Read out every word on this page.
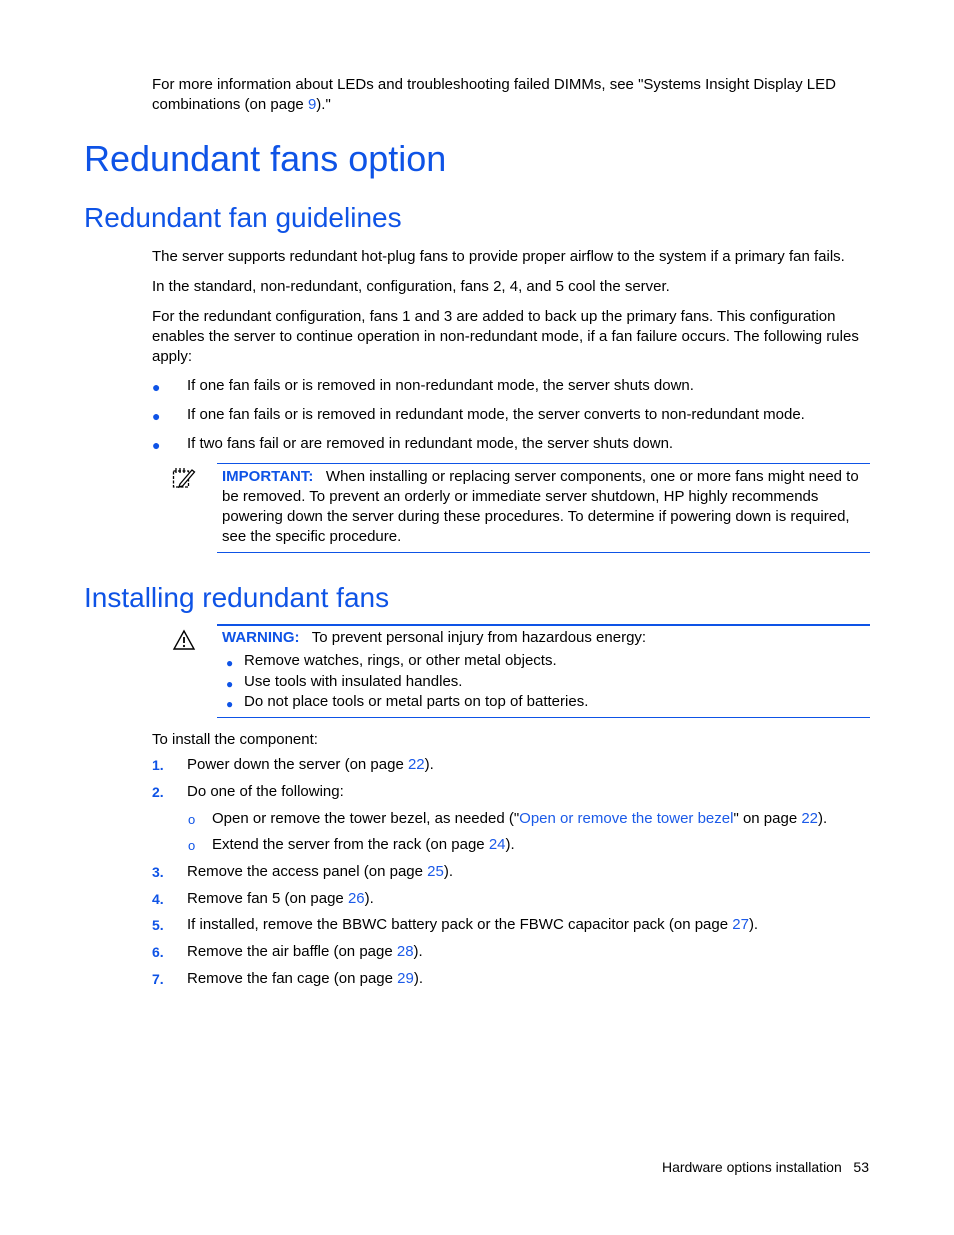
For more information about LEDs and troubleshooting failed DIMMs, see "Systems Insight Display LED
combinations (on page 9)."
Redundant fans option
Redundant fan guidelines
The server supports redundant hot-plug fans to provide proper airflow to the system if a primary fan fails.
In the standard, non-redundant, configuration, fans 2, 4, and 5 cool the server.
For the redundant configuration, fans 1 and 3 are added to back up the primary fans. This configuration
enables the server to continue operation in non-redundant mode, if a fan failure occurs. The following rules
apply:
● If one fan fails or is removed in non-redundant mode, the server shuts down.
● If one fan fails or is removed in redundant mode, the server converts to non-redundant mode.
● If two fans fail or are removed in redundant mode, the server shuts down.
IMPORTANT: When installing or replacing server components, one or more fans might need to
be removed. To prevent an orderly or immediate server shutdown, HP highly recommends
powering down the server during these procedures. To determine if powering down is required,
see the specific procedure.
Installing redundant fans
WARNING: To prevent personal injury from hazardous energy:
● Remove watches, rings, or other metal objects.
● Use tools with insulated handles.
● Do not place tools or metal parts on top of batteries.
To install the component:
1. Power down the server (on page 22).
2. Do one of the following:
o Open or remove the tower bezel, as needed ("Open or remove the tower bezel" on page 22).
o Extend the server from the rack (on page 24).
3. Remove the access panel (on page 25).
4. Remove fan 5 (on page 26).
5. If installed, remove the BBWC battery pack or the FBWC capacitor pack (on page 27).
6. Remove the air baffle (on page 28).
7. Remove the fan cage (on page 29).
Hardware options installation 53
